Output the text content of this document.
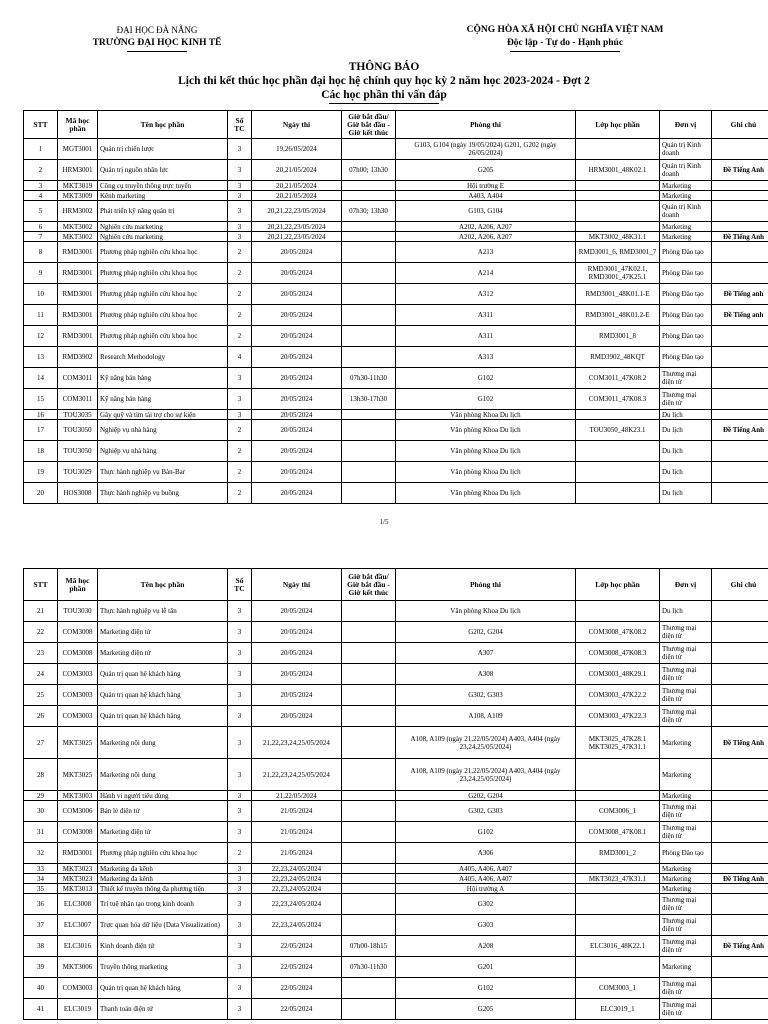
ĐẠI HỌC ĐÀ NẴNG
TRƯỜNG ĐẠI HỌC KINH TẾ
CỘNG HÒA XÃ HỘI CHỦ NGHĨA VIỆT NAM
Độc lập - Tự do - Hạnh phúc
THÔNG BÁO
Lịch thi kết thúc học phần đại học hệ chính quy học kỳ 2 năm học 2023-2024 - Đợt 2
Các học phần thi vấn đáp
STT	Mã học phần	Tên học phần	Số TC	Ngày thi	Giờ bắt đầu/ Giờ bắt đầu - Giờ kết thúc	Phòng thi	Lớp học phần	Đơn vị	Ghi chú
1	MGT3001	Quản trị chiến lược	3	19,26/05/2024		G103, G104 (ngày 19/05/2024) G201, G202 (ngày 26/05/2024)		Quản trị Kinh doanh	
2	HRM3001	Quản trị nguồn nhân lực	3	20,21/05/2024	07h00; 13h30	G205	HRM3001_48K02.1	Quản trị Kinh doanh	Đề Tiếng Anh
3	MKT3019	Công cụ truyền thông trực tuyến	3	20,21/05/2024		Hội trường E		Marketing	
4	MKT3009	Kênh marketing	3	20,21/05/2024		A403, A404		Marketing	
5	HRM3002	Phát triển kỹ năng quản trị	3	20,21,22,23/05/2024	07h30; 13h30	G103, G104		Quản trị Kinh doanh	
6	MKT3002	Nghiên cứu marketing	3	20,21,22,23/05/2024		A202, A206, A207		Marketing	
7	MKT3002	Nghiên cứu marketing	3	20,21,22,23/05/2024		A202, A206, A207	MKT3002_48K31.1	Marketing	Đề Tiếng Anh
8	RMD3001	Phương pháp nghiên cứu khoa học	2	20/05/2024		A213	RMD3001_6, RMD3001_7	Phòng Đào tạo	
9	RMD3001	Phương pháp nghiên cứu khoa học	2	20/05/2024		A214	RMD3001_47K02.1, RMD3001_47K25.1	Phòng Đào tạo	
10	RMD3001	Phương pháp nghiên cứu khoa học	2	20/05/2024		A312	RMD3001_48K01.1-E	Phòng Đào tạo	Đề Tiếng anh
11	RMD3001	Phương pháp nghiên cứu khoa học	2	20/05/2024		A311	RMD3001_48K01.2-E	Phòng Đào tạo	Đề Tiếng anh
12	RMD3001	Phương pháp nghiên cứu khoa học	2	20/05/2024		A311	RMD3001_8	Phòng Đào tạo	
13	RMD3902	Research Methodology	4	20/05/2024		A313	RMD3902_48KQT	Phòng Đào tạo	
14	COM3011	Kỹ năng bán hàng	3	20/05/2024	07h30-11h30	G102	COM3011_47K08.2	Thương mại điện tử	
15	COM3011	Kỹ năng bán hàng	3	20/05/2024	13h30-17h30	G102	COM3011_47K08.3	Thương mại điện tử	
16	TOU3035	Gây quỹ và tìm tài trợ cho sự kiện	3	20/05/2024		Văn phòng Khoa Du lịch		Du lịch	
17	TOU3050	Nghiệp vụ nhà hàng	2	20/05/2024		Văn phòng Khoa Du lịch	TOU3050_48K23.1	Du lịch	Đề Tiếng Anh
18	TOU3050	Nghiệp vụ nhà hàng	2	20/05/2024		Văn phòng Khoa Du lịch		Du lịch	
19	TOU3029	Thực hành nghiệp vụ Bàn-Bar	2	20/05/2024		Văn phòng Khoa Du lịch		Du lịch	
20	HOS3008	Thực hành nghiệp vụ buồng	2	20/05/2024		Văn phòng Khoa Du lịch		Du lịch	
1/5
STT	Mã học phần	Tên học phần	Số TC	Ngày thi	Giờ bắt đầu/ Giờ bắt đầu - Giờ kết thúc	Phòng thi	Lớp học phần	Đơn vị	Ghi chú
21	TOU3030	Thực hành nghiệp vụ lễ tân	3	20/05/2024		Văn phòng Khoa Du lịch		Du lịch	
22	COM3008	Marketing điện tử	3	20/05/2024		G202, G204	COM3008_47K08.2	Thương mại điện tử	
23	COM3008	Marketing điện tử	3	20/05/2024		A307	COM3008_47K08.3	Thương mại điện tử	
24	COM3003	Quản trị quan hệ khách hàng	3	20/05/2024		A308	COM3003_48K29.1	Thương mại điện tử	
25	COM3003	Quản trị quan hệ khách hàng	3	20/05/2024		G302, G303	COM3003_47K22.2	Thương mại điện tử	
26	COM3003	Quản trị quan hệ khách hàng	3	20/05/2024		A108, A109	COM3003_47K22.3	Thương mại điện tử	
27	MKT3025	Marketing nội dung	3	21,22,23,24,25/05/2024		A108, A109 (ngày 21,22/05/2024) A403, A404 (ngày 23,24,25/05/2024)	MKT3025_47K28.1 MKT3025_47K31.1	Marketing	Đề Tiếng Anh
28	MKT3025	Marketing nội dung	3	21,22,23,24,25/05/2024		A108, A109 (ngày 21,22/05/2024) A403, A404 (ngày 23,24,25/05/2024)		Marketing	
29	MKT3003	Hành vi người tiêu dùng	3	21,22/05/2024		G202, G204		Marketing	
30	COM3006	Bán lẻ điện tử	3	21/05/2024		G302, G303	COM3006_1	Thương mại điện tử	
31	COM3008	Marketing điện tử	3	21/05/2024		G102	COM3008_47K08.1	Thương mại điện tử	
32	RMD3001	Phương pháp nghiên cứu khoa học	2	21/05/2024		A306	RMD3001_2	Phòng Đào tạo	
33	MKT3023	Marketing đa kênh	3	22,23,24/05/2024		A405, A406, A407		Marketing	
34	MKT3023	Marketing đa kênh	3	22,23,24/05/2024		A405, A406, A407	MKT3023_47K31.1	Marketing	Đề Tiếng Anh
35	MKT3013	Thiết kế truyền thông đa phương tiện	3	22,23,24/05/2024		Hội trường A		Marketing	
36	ELC3008	Trí tuệ nhân tạo trong kinh doanh	3	22,23,24/05/2024		G302		Thương mại điện tử	
37	ELC3007	Trực quan hóa dữ liệu (Data Visualization)	3	22,23,24/05/2024		G303		Thương mại điện tử	
38	ELC3016	Kinh doanh điện tử	3	22/05/2024	07h00-18h15	A208	ELC3016_48K22.1	Thương mại điện tử	Đề Tiếng Anh
39	MKT3006	Truyền thông marketing	3	22/05/2024	07h30-11h30	G201		Marketing	
40	COM3003	Quản trị quan hệ khách hàng	3	22/05/2024		G102	COM3003_1	Thương mại điện tử	
41	ELC3019	Thanh toán điện tử	3	22/05/2024		G205	ELC3019_1	Thương mại điện tử	
